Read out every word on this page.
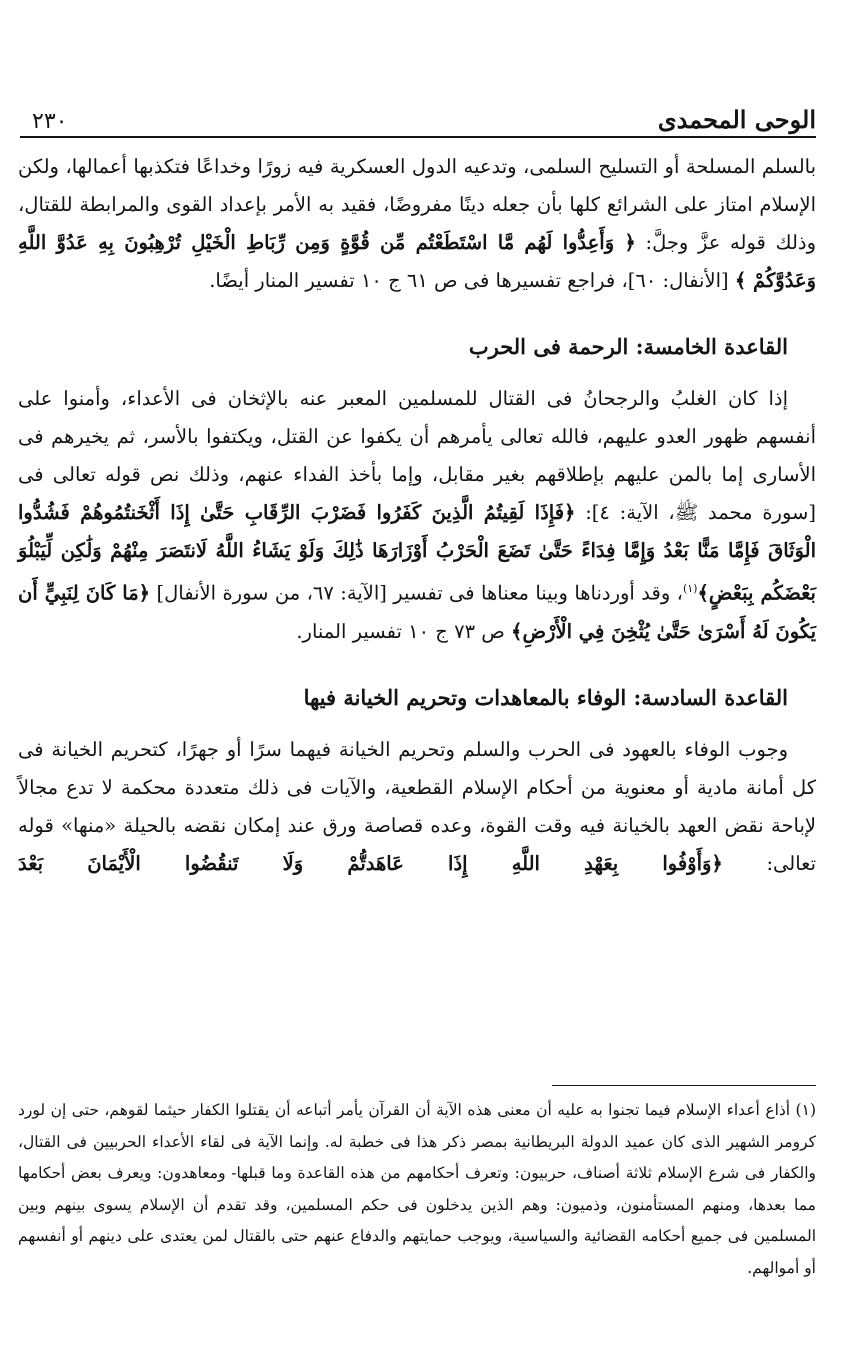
الوحى المحمدى
٢٣٠

بالسلم المسلحة أو التسليح السلمى، وتدعيه الدول العسكرية فيه زورًا وخداعًا فتكذبها أعمالها، ولكن الإسلام امتاز على الشرائع كلها بأن جعله دينًا مفروضًا، فقيد به الأمر بإعداد القوى والمرابطة للقتال، وذلك قوله عزَّ وجلَّ: ﴿ وَأَعِدُّوا لَهُم مَّا اسْتَطَعْتُم مِّن قُوَّةٍ وَمِن رِّبَاطِ الْخَيْلِ تُرْهِبُونَ بِهِ عَدُوَّ اللَّهِ وَعَدُوَّكُمْ ﴾ [الأنفال: ٦٠]، فراجع تفسيرها فى ص ٦١ ج ١٠ تفسير المنار أيضًا.

القاعدة الخامسة: الرحمة فى الحرب

إذا كان الغلبُ والرجحانُ فى القتال للمسلمين المعبر عنه بالإثخان فى الأعداء، وأمنوا على أنفسهم ظهور العدو عليهم، فالله تعالى يأمرهم أن يكفوا عن القتل، ويكتفوا بالأسر، ثم يخيرهم فى الأسارى إما بالمن عليهم بإطلاقهم بغير مقابل، وإما بأخذ الفداء عنهم، وذلك نص قوله تعالى فى [سورة محمد ﷺ، الآية: ٤]: ﴿فَإِذَا لَقِيتُمُ الَّذِينَ كَفَرُوا فَضَرْبَ الرِّقَابِ حَتَّىٰ إِذَا أَثْخَنتُمُوهُمْ فَشُدُّوا الْوَثَاقَ فَإِمَّا مَنًّا بَعْدُ وَإِمَّا فِدَاءً حَتَّىٰ تَضَعَ الْحَرْبُ أَوْزَارَهَا ذَٰلِكَ وَلَوْ يَشَاءُ اللَّهُ لَانتَصَرَ مِنْهُمْ وَلَٰكِن لِّيَبْلُوَ بَعْضَكُم بِبَعْضٍ﴾$^{(١)}$، وقد أوردناها وبينا معناها فى تفسير [الآية: ٦٧، من سورة الأنفال] ﴿مَا كَانَ لِنَبِيٍّ أَن يَكُونَ لَهُ أَسْرَىٰ حَتَّىٰ يُثْخِنَ فِي الْأَرْضِ﴾ ص ٧٣ ج ١٠ تفسير المنار.

القاعدة السادسة: الوفاء بالمعاهدات وتحريم الخيانة فيها

وجوب الوفاء بالعهود فى الحرب والسلم وتحريم الخيانة فيهما سرًا أو جهرًا، كتحريم الخيانة فى كل أمانة مادية أو معنوية من أحكام الإسلام القطعية، والآيات فى ذلك متعددة محكمة لا تدع مجالاً لإباحة نقض العهد بالخيانة فيه وقت القوة، وعده قصاصة ورق عند إمكان نقضه بالحيلة «منها» قوله تعالى: ﴿وَأَوْفُوا بِعَهْدِ اللَّهِ إِذَا عَاهَدتُّمْ وَلَا تَنقُضُوا الْأَيْمَانَ بَعْدَ

(١) أذاع أعداء الإسلام فيما تجنوا به عليه أن معنى هذه الآية أن القرآن يأمر أتباعه أن يقتلوا الكفار حيثما لقوهم، حتى إن لورد كرومر الشهير الذى كان عميد الدولة البريطانية بمصر ذكر هذا فى خطبة له. وإنما الآية فى لقاء الأعداء الحربيين فى القتال، والكفار فى شرع الإسلام ثلاثة أصناف، حربيون: وتعرف أحكامهم من هذه القاعدة وما قبلها- ومعاهدون: ويعرف بعض أحكامها مما بعدها، ومنهم المستأمنون، وذميون: وهم الذين يدخلون فى حكم المسلمين، وقد تقدم أن الإسلام يسوى بينهم وبين المسلمين فى جميع أحكامه القضائية والسياسية، ويوجب حمايتهم والدفاع عنهم حتى بالقتال لمن يعتدى على دينهم أو أنفسهم أو أموالهم.
